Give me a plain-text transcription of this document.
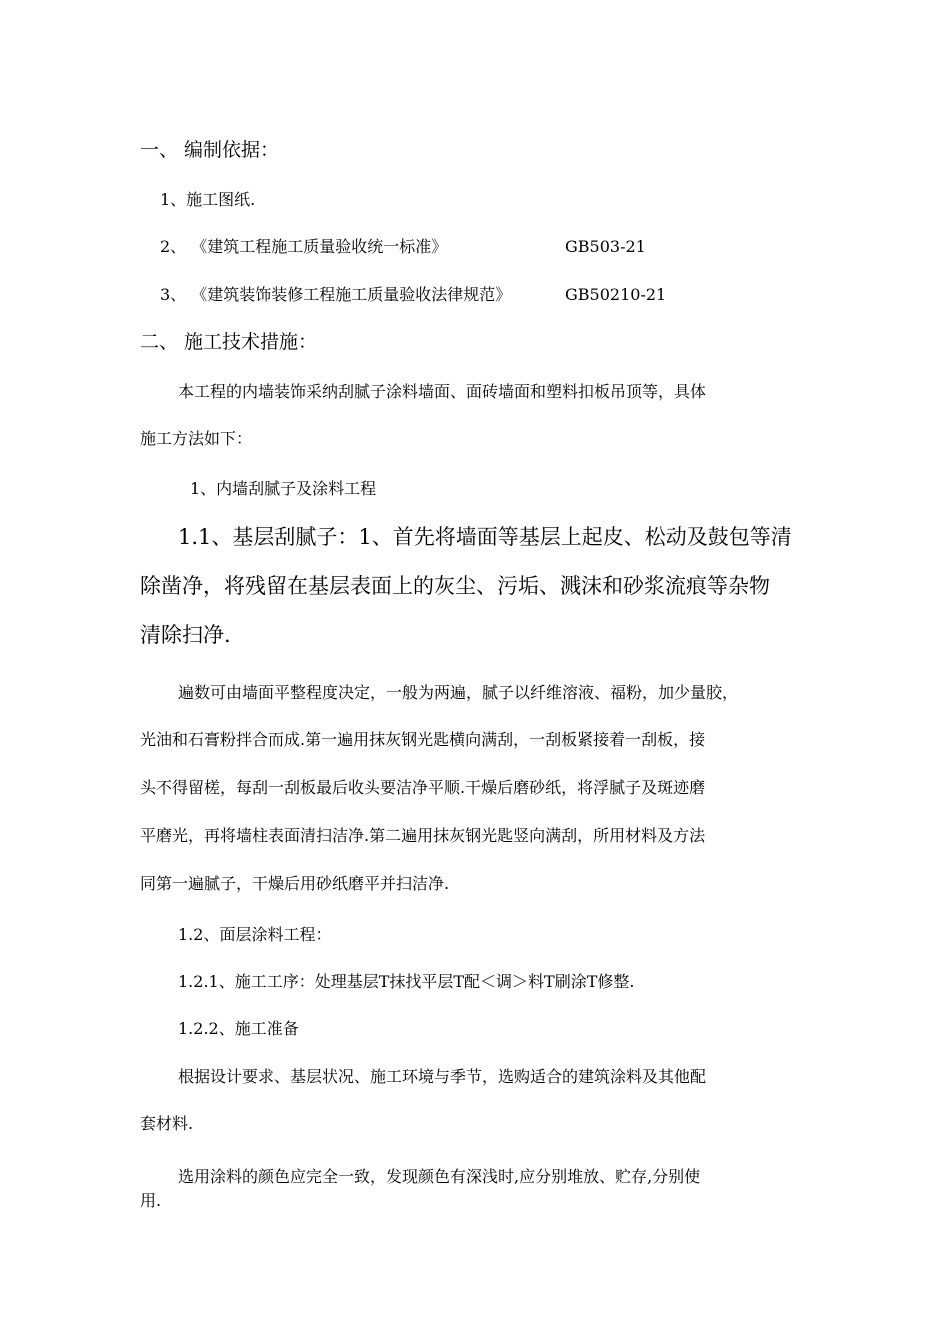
一、 编制依据：
1、施工图纸.
2、 《建筑工程施工质量验收统一标准》	GB503-21
3、 《建筑装饰装修工程施工质量验收法律规范》	GB50210-21
二、 施工技术措施：
本工程的内墙装饰采纳刮腻子涂料墙面、面砖墙面和塑料扣板吊顶等，具体
施工方法如下：
1、内墙刮腻子及涂料工程
1.1、基层刮腻子：1、首先将墙面等基层上起皮、松动及鼓包等清
除凿净，将残留在基层表面上的灰尘、污垢、溅沫和砂浆流痕等杂物
清除扫净.
遍数可由墙面平整程度决定，一般为两遍，腻子以纤维溶液、福粉，加少量胶，
光油和石膏粉拌合而成.第一遍用抹灰钢光匙横向满刮，一刮板紧接着一刮板，接
头不得留槎，每刮一刮板最后收头要洁净平顺.干燥后磨砂纸，将浮腻子及斑迹磨
平磨光，再将墙柱表面清扫洁净.第二遍用抹灰钢光匙竖向满刮，所用材料及方法
同第一遍腻子，干燥后用砂纸磨平并扫洁净.
1.2、面层涂料工程：
1.2.1、施工工序：处理基层T抹找平层T配＜调＞料T刷涂T修整.
1.2.2、施工准备
根据设计要求、基层状况、施工环境与季节，选购适合的建筑涂料及其他配
套材料.
选用涂料的颜色应完全一致，发现颜色有深浅时,应分别堆放、贮存,分别使
用.
